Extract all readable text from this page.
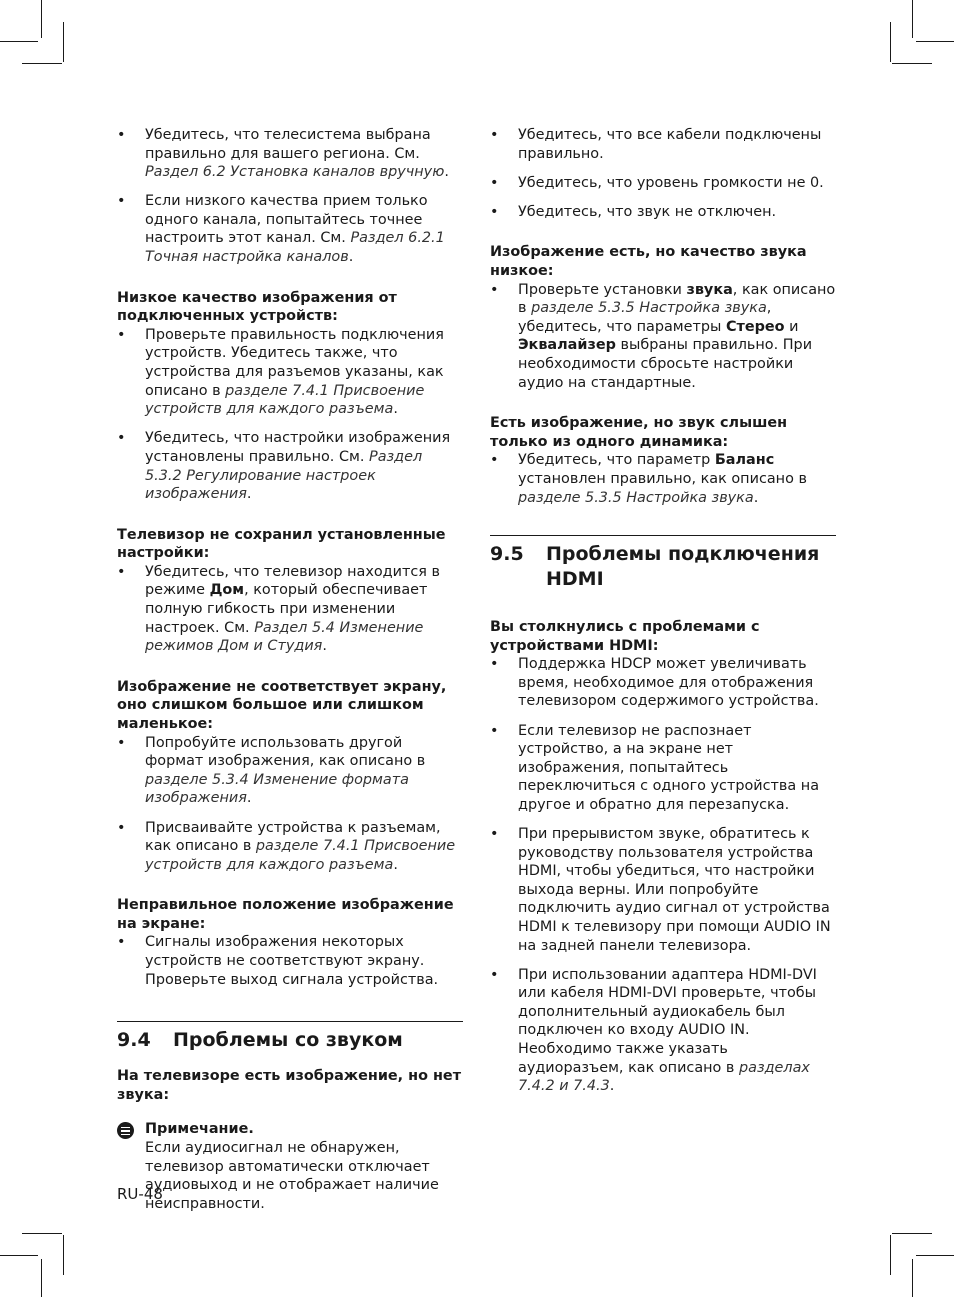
• Убедитесь, что телесистема выбрана правильно для вашего региона. См. Раздел 6.2 Установка каналов вручную.

• Если низкого качества прием только одного канала, попытайтесь точнее настроить этот канал. См. Раздел 6.2.1 Точная настройка каналов.

Низкое качество изображения от подключенных устройств:

• Проверьте правильность подключения устройств. Убедитесь также, что устройства для разъемов указаны, как описано в разделе 7.4.1 Присвоение устройств для каждого разъема.

• Убедитесь, что настройки изображения установлены правильно. См. Раздел 5.3.2 Регулирование настроек изображения.

Телевизор не сохранил установленные настройки:

• Убедитесь, что телевизор находится в режиме Дом, который обеспечивает полную гибкость при изменении настроек. См. Раздел 5.4 Изменение режимов Дом и Студия.

Изображение не соответствует экрану, оно слишком большое или слишком маленькое:

• Попробуйте использовать другой формат изображения, как описано в разделе 5.3.4 Изменение формата изображения.

• Присваивайте устройства к разъемам, как описано в разделе 7.4.1 Присвоение устройств для каждого разъема.

Неправильное положение изображение на экране:

• Сигналы изображения некоторых устройств не соответствуют экрану. Проверьте выход сигнала устройства.

9.4	Проблемы со звуком

На телевизоре есть изображение, но нет звука:

Примечание.
Если аудиосигнал не обнаружен, телевизор автоматически отключает аудиовыход и не отображает наличие неисправности.

• Убедитесь, что все кабели подключены правильно.

• Убедитесь, что уровень громкости не 0.

• Убедитесь, что звук не отключен.

Изображение есть, но качество звука низкое:

• Проверьте установки звука, как описано в разделе 5.3.5 Настройка звука, убедитесь, что параметры Стерео и Эквалайзер выбраны правильно. При необходимости сбросьте настройки аудио на стандартные.

Есть изображение, но звук слышен только из одного динамика:

• Убедитесь, что параметр Баланс установлен правильно, как описано в разделе 5.3.5 Настройка звука.

9.5	Проблемы подключения HDMI

Вы столкнулись с проблемами с устройствами HDMI:

• Поддержка HDCP может увеличивать время, необходимое для отображения телевизором содержимого устройства.

• Если телевизор не распознает устройство, а на экране нет изображения, попытайтесь переключиться с одного устройства на другое и обратно для перезапуска.

• При прерывистом звуке, обратитесь к руководству пользователя устройства HDMI, чтобы убедиться, что настройки выхода верны. Или попробуйте подключить аудио сигнал от устройства HDMI к телевизору при помощи AUDIO IN на задней панели телевизора.

• При использовании адаптера HDMI-DVI или кабеля HDMI-DVI проверьте, чтобы дополнительный аудиокабель был подключен ко входу AUDIO IN. Необходимо также указать аудиоразъем, как описано в разделах 7.4.2 и 7.4.3.

RU-48
